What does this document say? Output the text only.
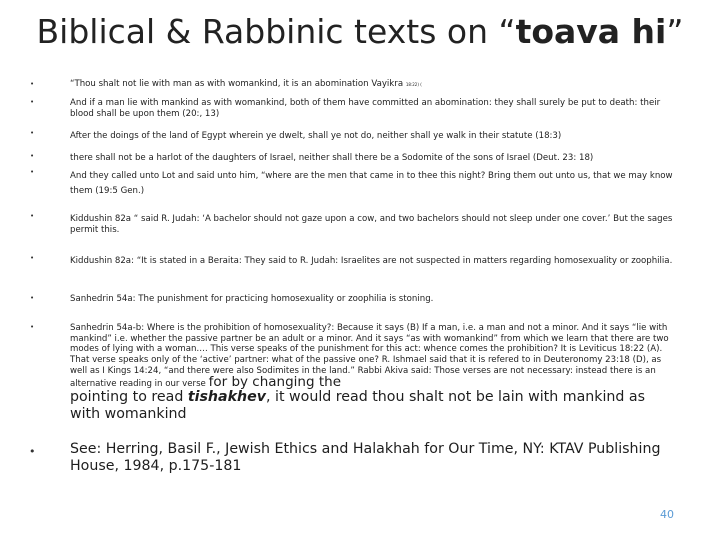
Biblical & Rabbinic texts on “toava hi”
•
•
•
•
•
•
•
•
•
•
“Thou shalt not lie with man as with womankind, it is an abomination Vayikra 18:22) (
And if a man lie with mankind as with womankind, both of them have committed an abomination: they shall surely be put to death: their blood shall be upon them (20:, 13)
After the doings of the land of Egypt wherein ye dwelt, shall ye not do, neither shall ye walk in their statute (18:3)
there shall not be a harlot of the daughters of Israel, neither shall there be a Sodomite of the sons of Israel (Deut. 23: 18)
And they called unto Lot and said unto him, “where are the men that came in to thee this night? Bring them out unto us, that we may know them (19:5 Gen.)
Kiddushin 82a “ said R. Judah: ‘A bachelor should not gaze upon a cow, and two bachelors should not sleep under one cover.’ But the sages permit this.
Kiddushin 82a: “It is stated in a Beraita: They said to R. Judah: Israelites are not suspected in matters regarding homosexuality or zoophilia.
Sanhedrin 54a: The punishment for practicing homosexuality or zoophilia is stoning.
Sanhedrin 54a-b: Where is the prohibition of homosexuality?: Because it says (B) If a man, i.e. a man and not a minor. And it says “lie with mankind” i.e. whether the passive partner be an adult or a minor. And it says “as with womankind” from which we learn that there are two modes of lying with a woman…. This verse speaks of the punishment for this act: whence comes the prohibition? It is Leviticus 18:22 (A). That verse speaks only of the ‘active’ partner: what of the passive one? R. Ishmael said that it is refered to in Deuteronomy 23:18 (D), as well as I Kings 14:24, “and there were also Sodimites in the land.” Rabbi Akiva said: Those verses are not necessary: instead there is an alternative reading in our verse for by changing the
pointing to read tishakhev, it would read thou shalt not be lain with mankind as with womankind
See: Herring, Basil F., Jewish Ethics and Halakhah for Our Time, NY: KTAV Publishing House, 1984, p.175-181
40
